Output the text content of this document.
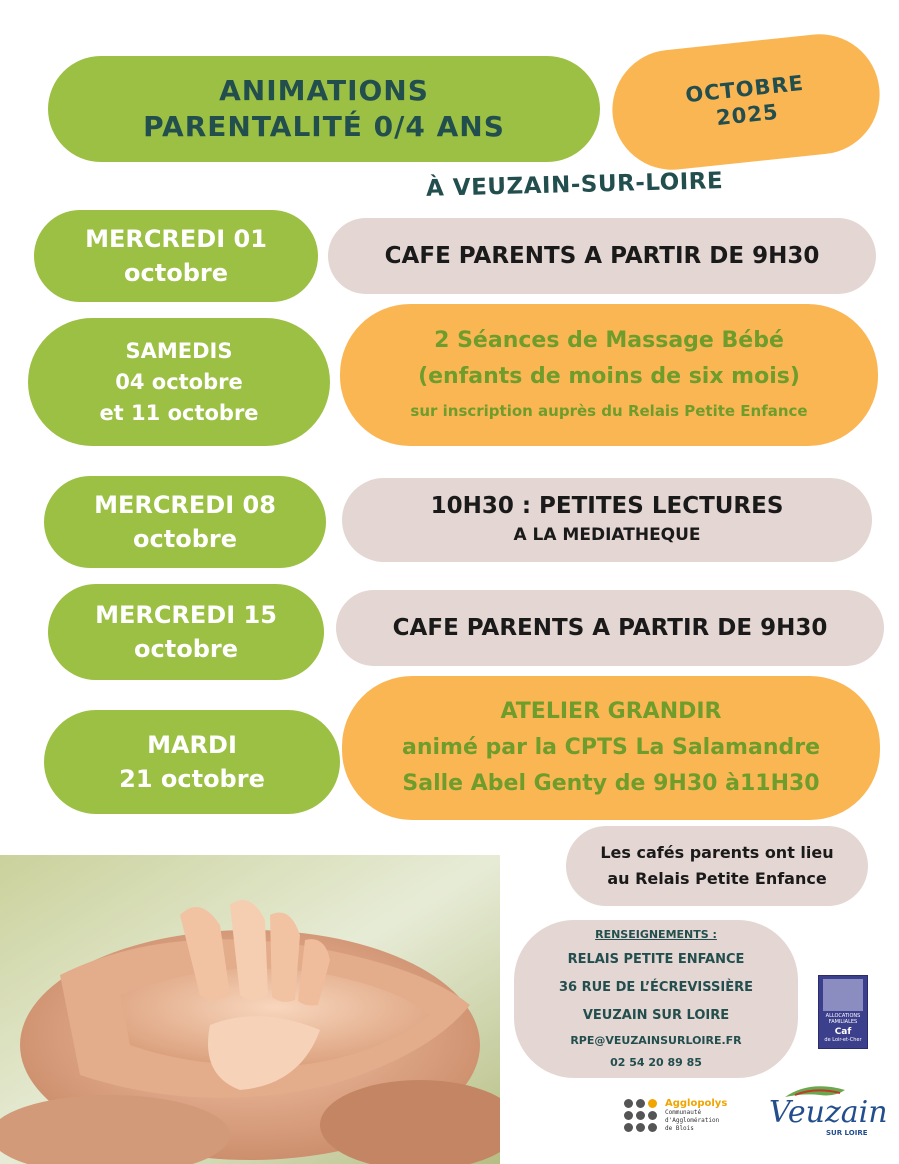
ANIMATIONS
PARENTALITÉ 0/4 ANS
OCTOBRE
2025
À VEUZAIN-SUR-LOIRE
MERCREDI 01
octobre
CAFE PARENTS A PARTIR DE 9H30
SAMEDIS
04 octobre
et 11 octobre
2 Séances de Massage Bébé
(enfants de moins de six mois)
sur inscription auprès du Relais Petite Enfance
MERCREDI 08
octobre
10H30 : PETITES LECTURES
A LA MEDIATHEQUE
MERCREDI 15
octobre
CAFE PARENTS A PARTIR DE 9H30
MARDI
21 octobre
ATELIER GRANDIR
animé par la CPTS La Salamandre
Salle Abel Genty de 9H30 à11H30
Les cafés parents ont lieu
au Relais Petite Enfance
RENSEIGNEMENTS :
RELAIS PETITE ENFANCE
36 RUE DE L’ÉCREVISSIÈRE
VEUZAIN SUR LOIRE
RPE@VEUZAINSURLOIRE.FR
02 54 20 89 85
ALLOCATIONS FAMILIALES
Caf
de Loir-et-Cher
Agglopolys
Communauté
d'Agglomération
de Blois	Veuzain
SUR LOIRE
